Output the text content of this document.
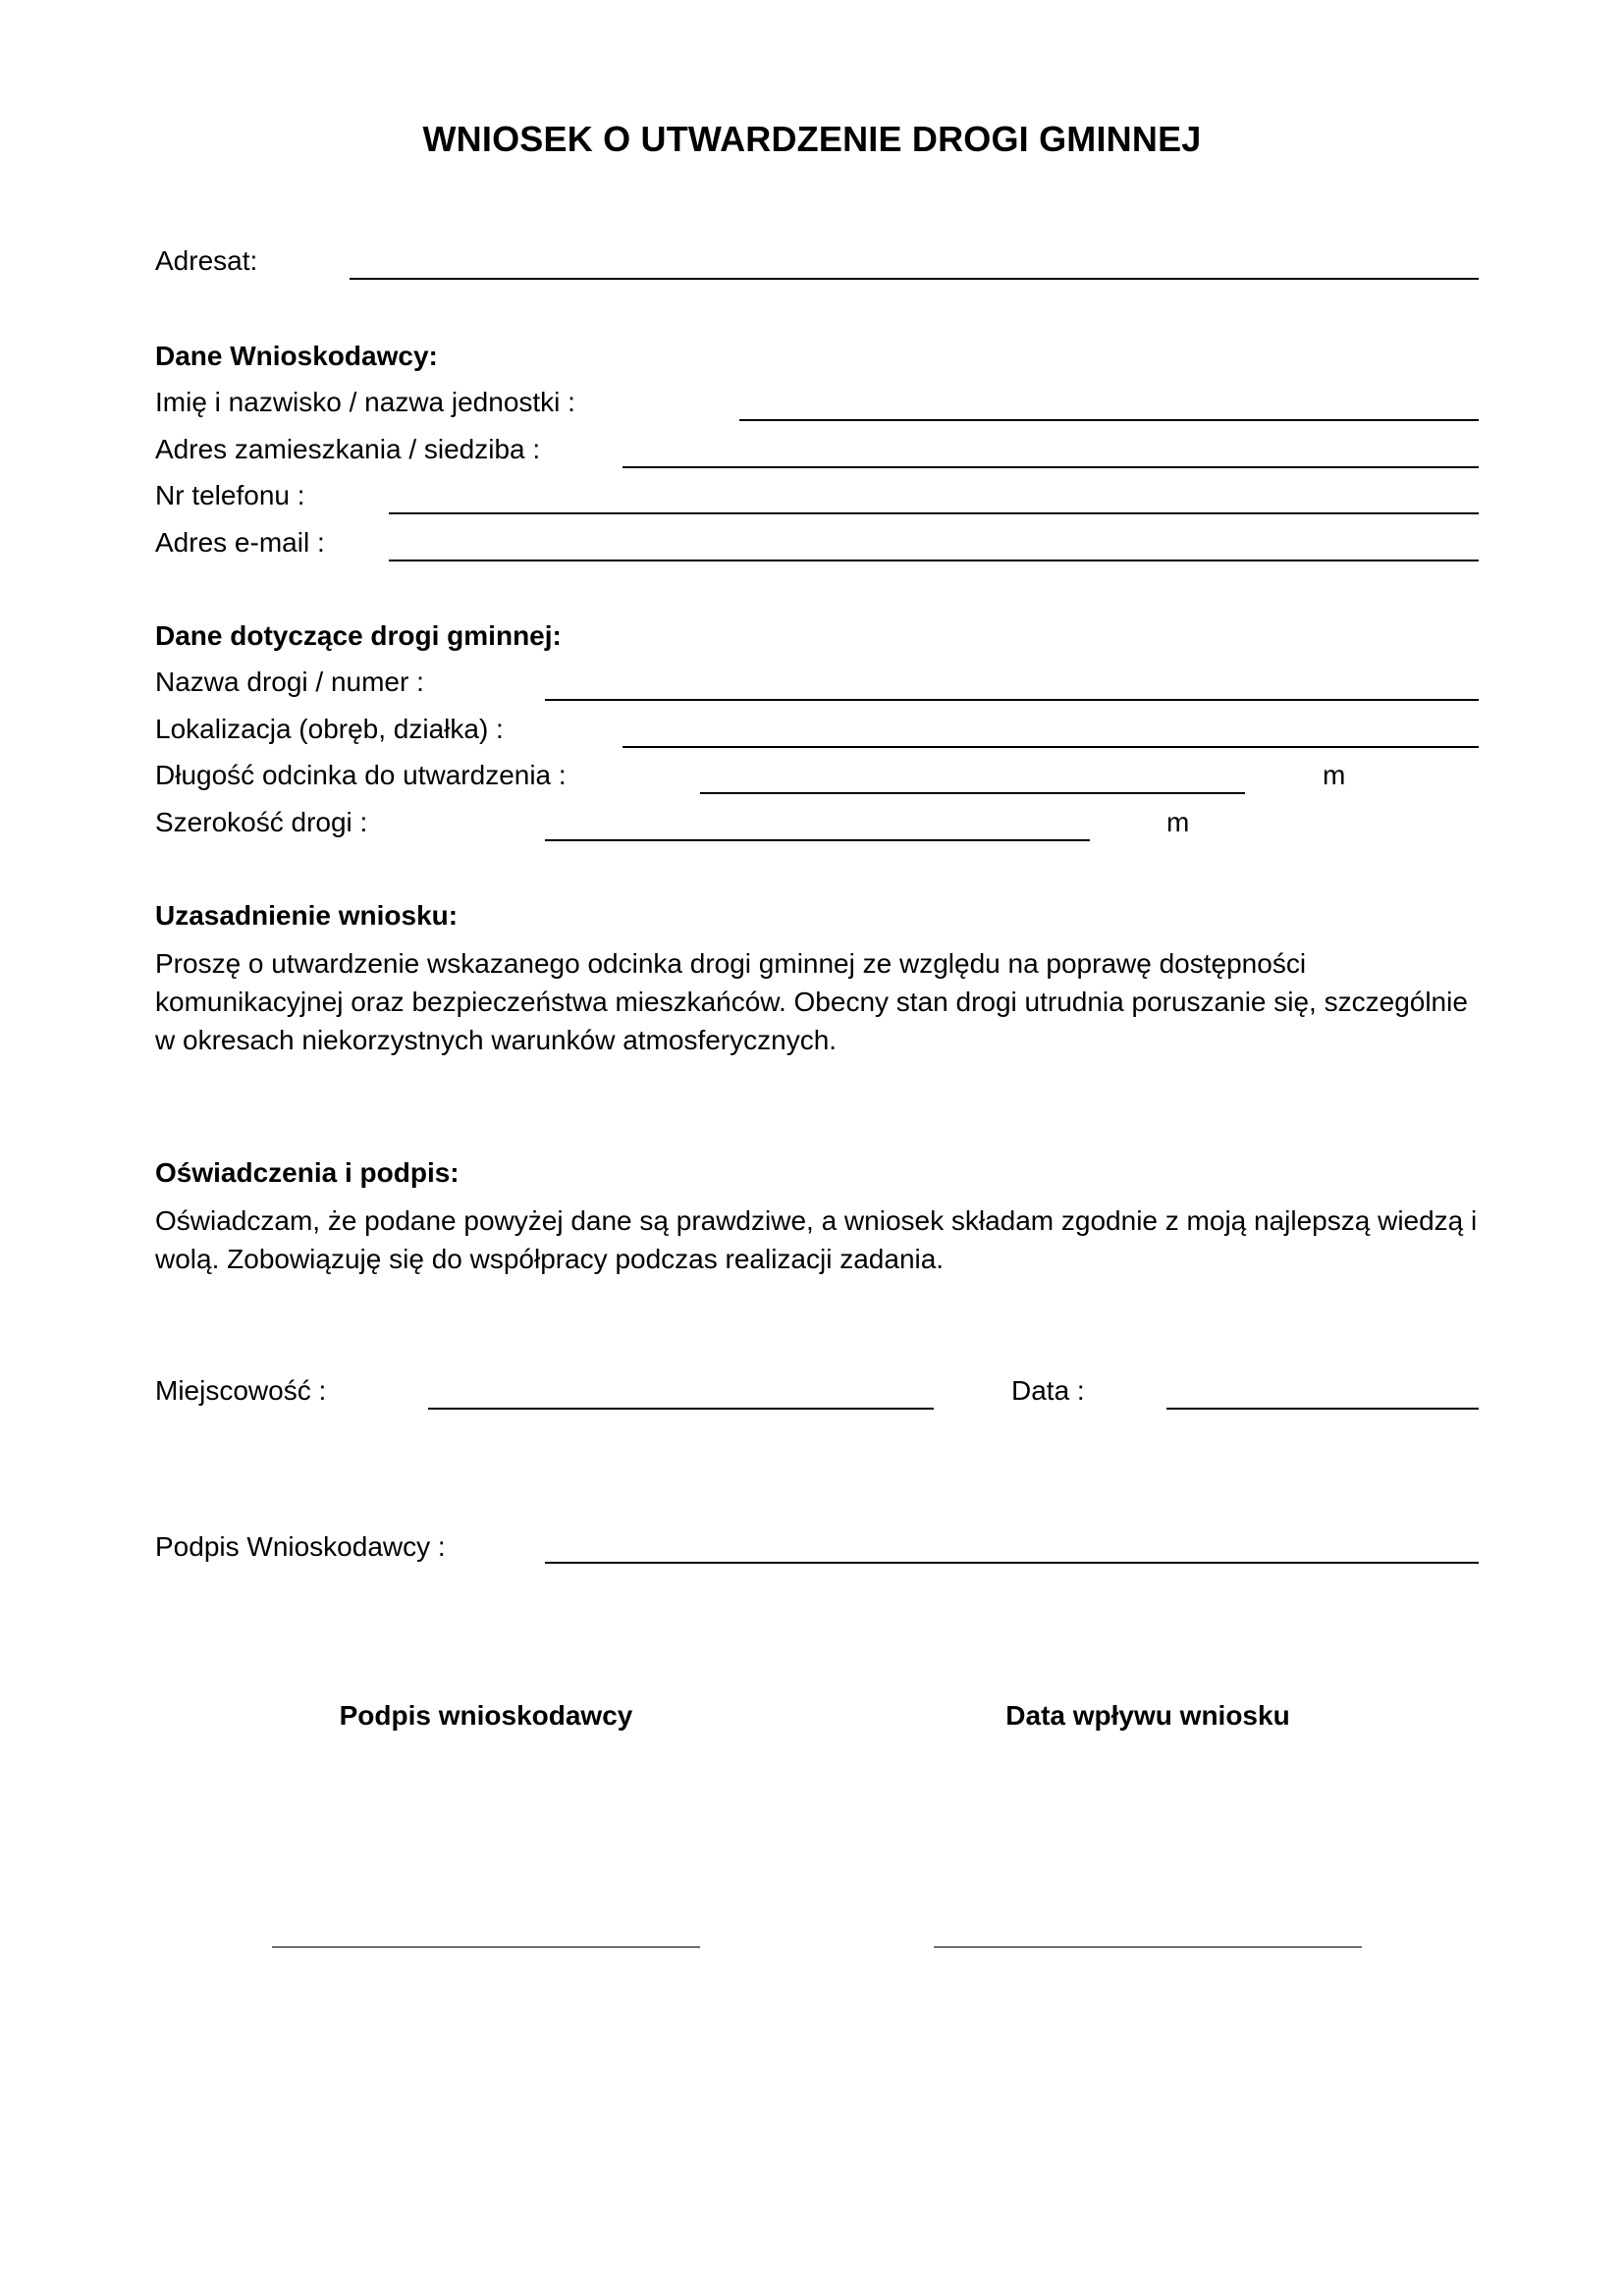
WNIOSEK O UTWARDZENIE DROGI GMINNEJ
Adresat:
Dane Wnioskodawcy:
Imię i nazwisko / nazwa jednostki :
Adres zamieszkania / siedziba :
Nr telefonu :
Adres e-mail :
Dane dotyczące drogi gminnej:
Nazwa drogi / numer :
Lokalizacja (obręb, działka) :
Długość odcinka do utwardzenia :	m
Szerokość drogi :	m
Uzasadnienie wniosku:

Proszę o utwardzenie wskazanego odcinka drogi gminnej ze względu na poprawę dostępności

komunikacyjnej oraz bezpieczeństwa mieszkańców. Obecny stan drogi utrudnia poruszanie się, szczególnie

w okresach niekorzystnych warunków atmosferycznych.

Oświadczenia i podpis:

Oświadczam, że podane powyżej dane są prawdziwe, a wniosek składam zgodnie z moją najlepszą wiedzą i

wolą. Zobowiązuję się do współpracy podczas realizacji zadania.

Miejscowość :	Data :
Podpis Wnioskodawcy :
Podpis wnioskodawcy	Data wpływu wniosku
